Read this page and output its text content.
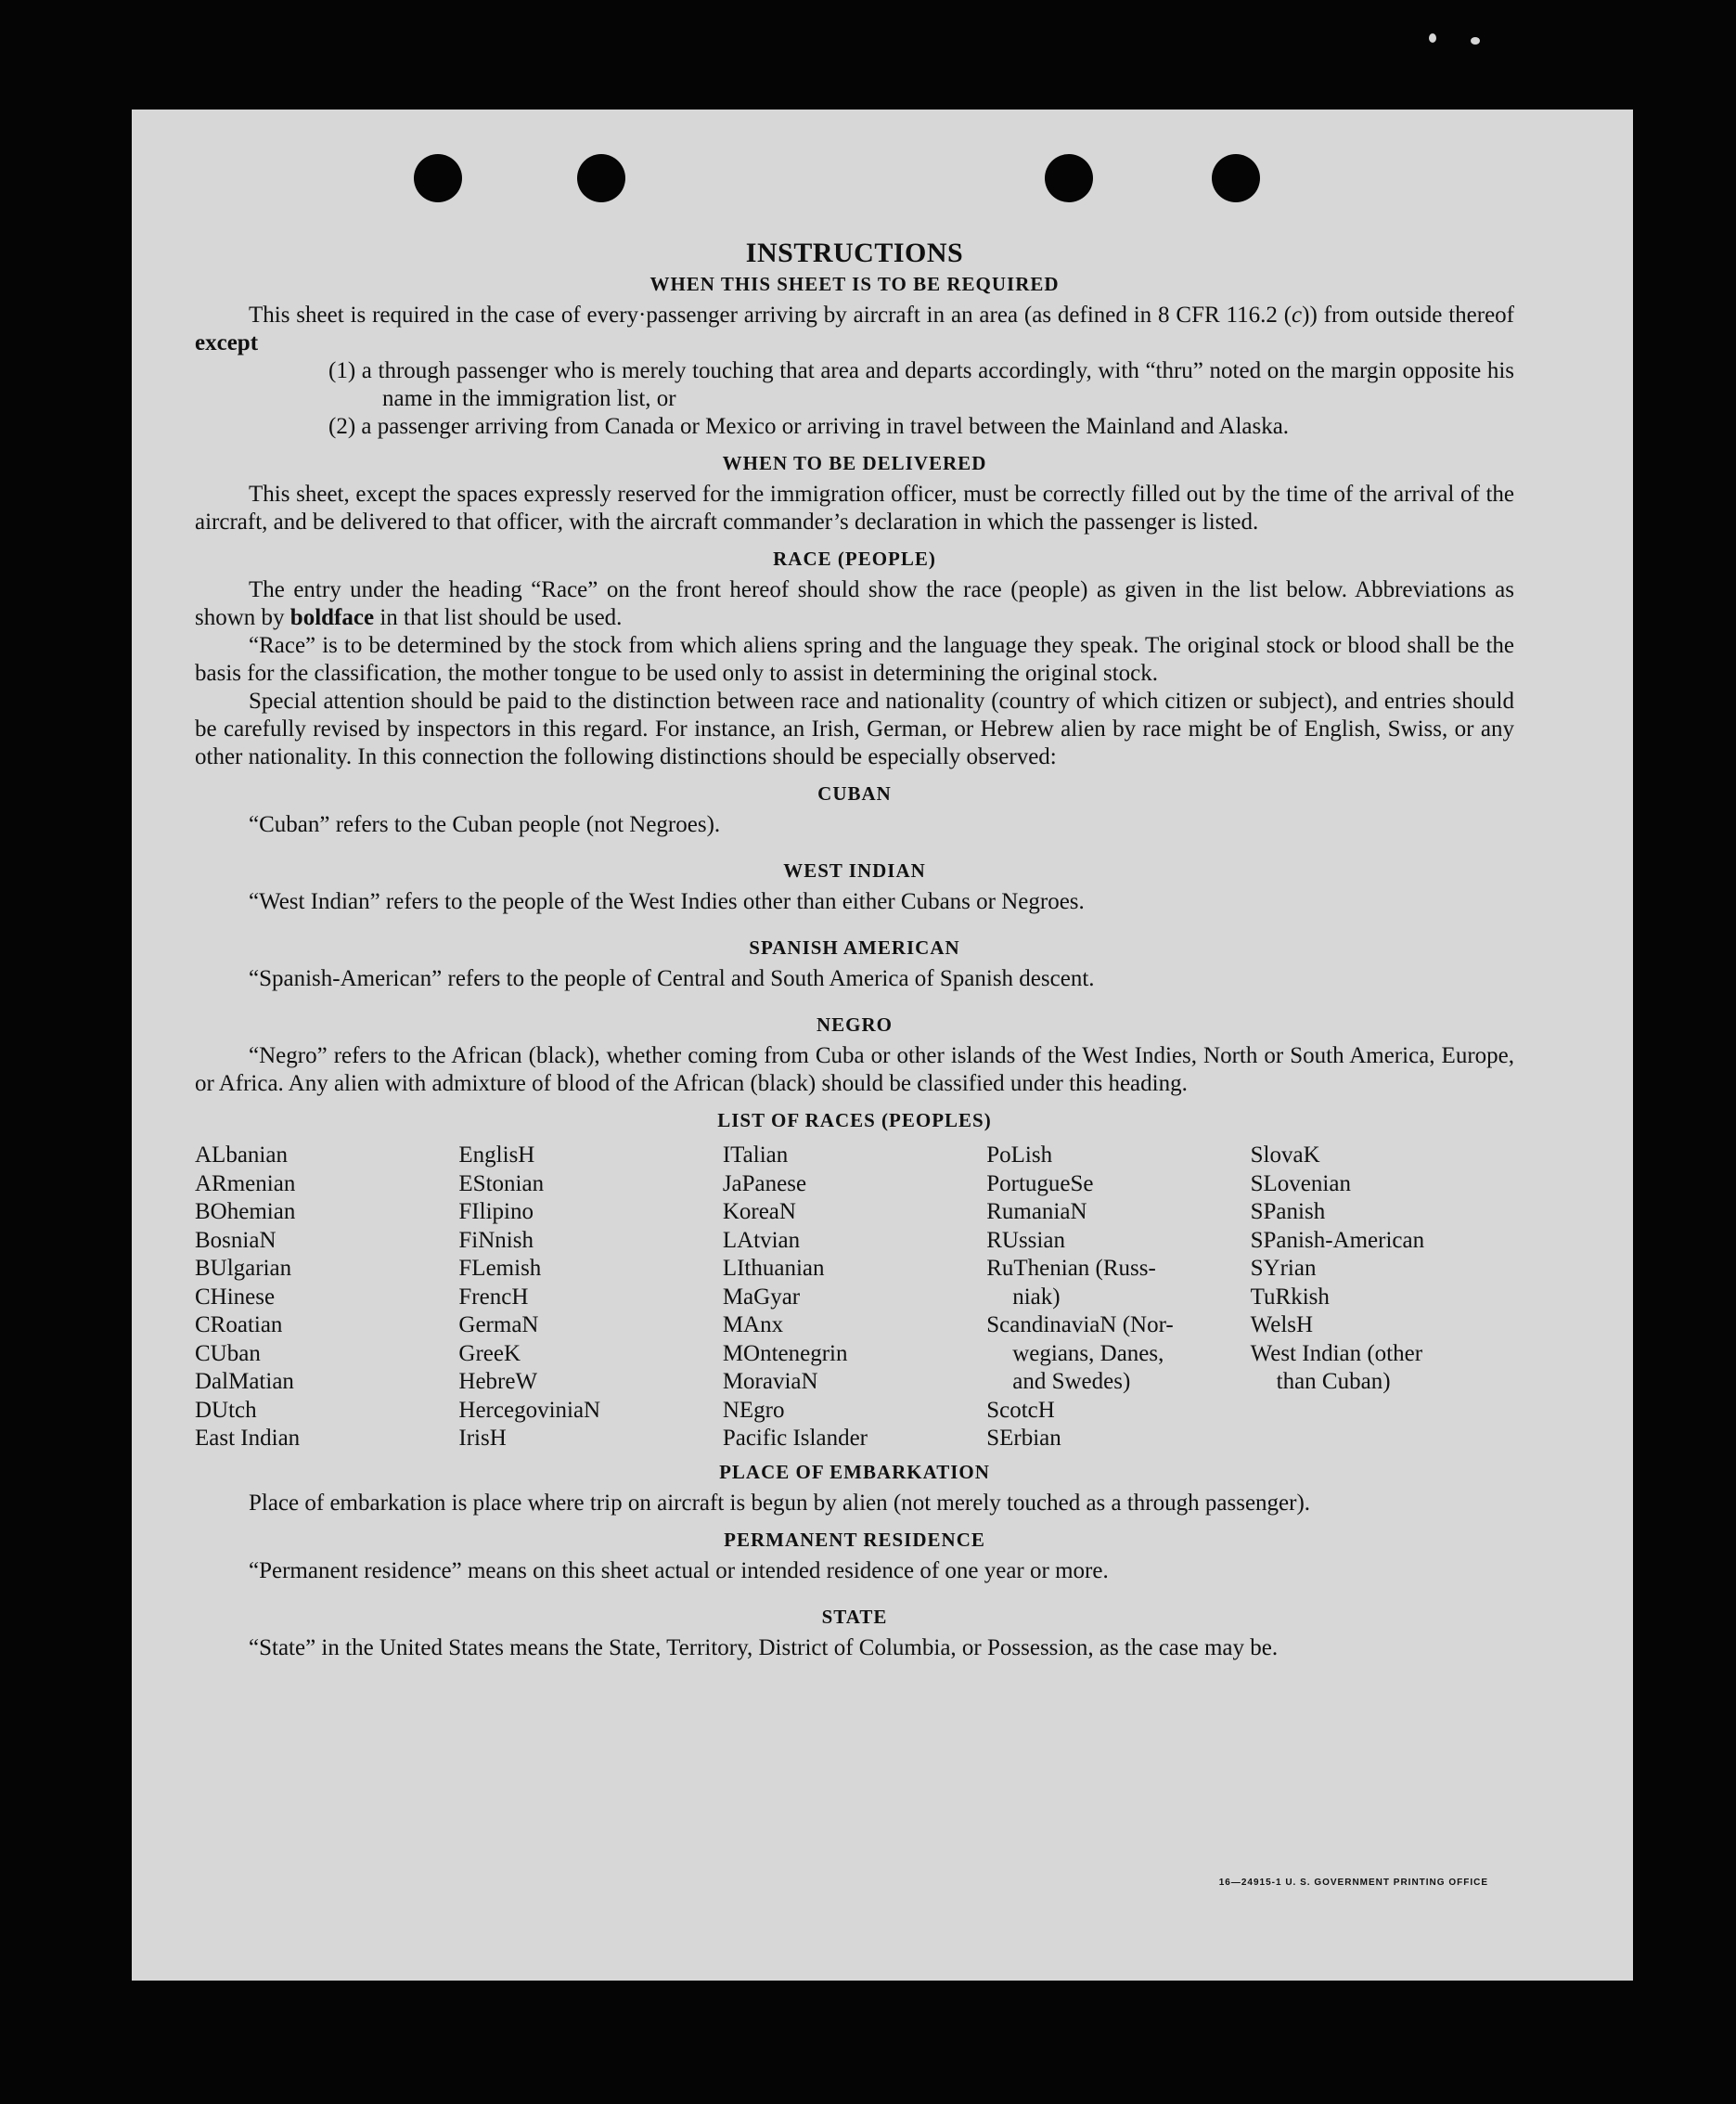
INSTRUCTIONS
WHEN THIS SHEET IS TO BE REQUIRED

This sheet is required in the case of every·passenger arriving by aircraft in an area (as defined in 8 CFR 116.2 (c)) from outside thereof except

(1) a through passenger who is merely touching that area and departs accordingly, with “thru” noted on the margin opposite his name in the immigration list, or

(2) a passenger arriving from Canada or Mexico or arriving in travel between the Mainland and Alaska.

WHEN TO BE DELIVERED

This sheet, except the spaces expressly reserved for the immigration officer, must be correctly filled out by the time of the arrival of the aircraft, and be delivered to that officer, with the aircraft commander’s declaration in which the passenger is listed.

RACE (PEOPLE)

The entry under the heading “Race” on the front hereof should show the race (people) as given in the list below. Abbreviations as shown by boldface in that list should be used.

“Race” is to be determined by the stock from which aliens spring and the language they speak. The original stock or blood shall be the basis for the classification, the mother tongue to be used only to assist in determining the original stock.

Special attention should be paid to the distinction between race and nationality (country of which citizen or subject), and entries should be carefully revised by inspectors in this regard. For instance, an Irish, German, or Hebrew alien by race might be of English, Swiss, or any other nationality. In this connection the following distinctions should be especially observed:

CUBAN

“Cuban” refers to the Cuban people (not Negroes).

WEST INDIAN

“West Indian” refers to the people of the West Indies other than either Cubans or Negroes.

SPANISH AMERICAN

“Spanish-American” refers to the people of Central and South America of Spanish descent.

NEGRO

“Negro” refers to the African (black), whether coming from Cuba or other islands of the West Indies, North or South America, Europe, or Africa. Any alien with admixture of blood of the African (black) should be classified under this heading.

LIST OF RACES (PEOPLES)
ALbanian
ARmenian
BOhemian
BosniaN
BUlgarian
CHinese
CRoatian
CUban
DalMatian
DUtch
East Indian
EnglisH
EStonian
FIlipino
FiNnish
FLemish
FrencH
GermaN
GreeK
HebreW
HercegoviniaN
IrisH
ITalian
JaPanese
KoreaN
LAtvian
LIthuanian
MaGyar
MAnx
MOntenegrin
MoraviaN
NEgro
Pacific Islander
PoLish
PortugueSe
RumaniaN
RUssian
RuThenian (Russ-
niak)
ScandinaviaN (Nor-
wegians, Danes,
and Swedes)
ScotcH
SErbian
SlovaK
SLovenian
SPanish
SPanish-American
SYrian
TuRkish
WelsH
West Indian (other
than Cuban)
PLACE OF EMBARKATION

Place of embarkation is place where trip on aircraft is begun by alien (not merely touched as a through passenger).

PERMANENT RESIDENCE

“Permanent residence” means on this sheet actual or intended residence of one year or more.

STATE

“State” in the United States means the State, Territory, District of Columbia, or Possession, as the case may be.

16—24915-1 U. S. GOVERNMENT PRINTING OFFICE
